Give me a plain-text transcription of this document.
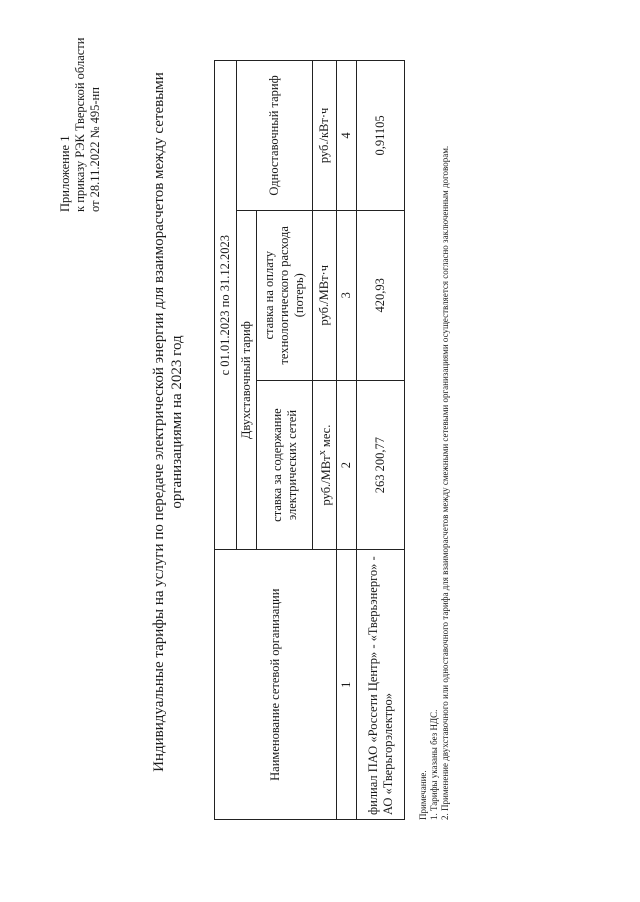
Приложение 1 к приказу РЭК Тверской области от 28.11.2022 № 495-нп	Индивидуальные тарифы на услуги по передаче электрической энергии для взаиморасчетов между сетевыми организациями на 2023 год
Наименование сетевой организации	с 01.01.2023 по 31.12.2023		
	Двухставочный тариф		Одноставочный тариф
	ставка за содержание электрических сетей	ставка на оплату технологического расхода (потерь)	
	руб./МВт$^x$ мес.	руб./МВт·ч	руб./кВт·ч
1	2	3	4
филиал ПАО «Россети Центр» - «Тверьэнерго» - АО «Тверьгорэлектро»	263 200,77	420,93	0,91105

Примечание. 1. Тарифы указаны без НДС. 2. Применение двухставочного или одноставочного тарифа для взаиморасчетов между смежными сетевыми организациями осуществляется согласно заключенным договорам.
